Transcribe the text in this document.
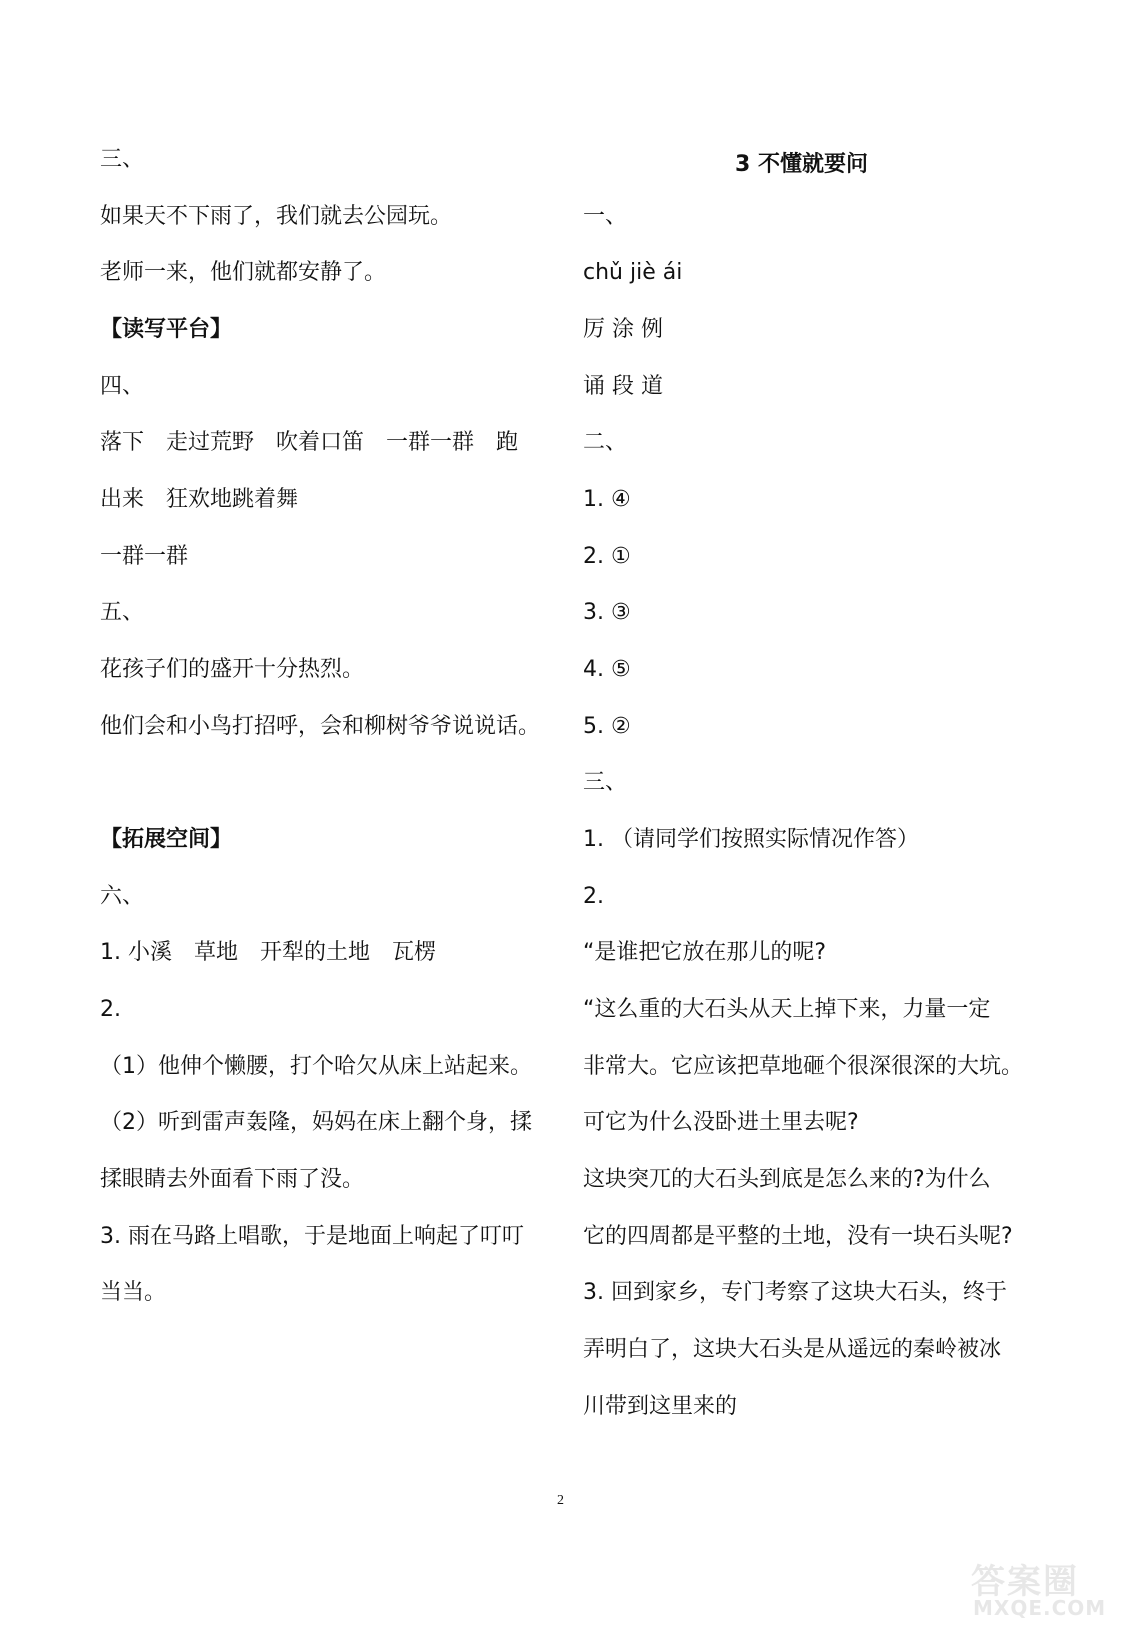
三、
如果天不下雨了，我们就去公园玩。
老师一来，他们就都安静了。
【读写平台】
四、
落下　走过荒野　吹着口笛　一群一群　跑
出来　狂欢地跳着舞
一群一群
五、
花孩子们的盛开十分热烈。
他们会和小鸟打招呼，会和柳树爷爷说说话。
【拓展空间】
六、
1. 小溪　草地　开犁的土地　瓦楞
2.
（1）他伸个懒腰，打个哈欠从床上站起来。
（2）听到雷声轰隆，妈妈在床上翻个身，揉
揉眼睛去外面看下雨了没。
3. 雨在马路上唱歌，于是地面上响起了叮叮
当当。
3 不懂就要问
一、
chǔ jiè ái
厉 涂 例
诵 段 道
二、
1. ④
2. ①
3. ③
4. ⑤
5. ②
三、
1. （请同学们按照实际情况作答）
2.
“是谁把它放在那儿的呢?
“这么重的大石头从天上掉下来，力量一定
非常大。它应该把草地砸个很深很深的大坑。
可它为什么没卧进土里去呢?
这块突兀的大石头到底是怎么来的?为什么
它的四周都是平整的土地，没有一块石头呢?
3. 回到家乡，专门考察了这块大石头，终于
弄明白了，这块大石头是从遥远的秦岭被冰
川带到这里来的
2
答案圈
MXQE.COM
